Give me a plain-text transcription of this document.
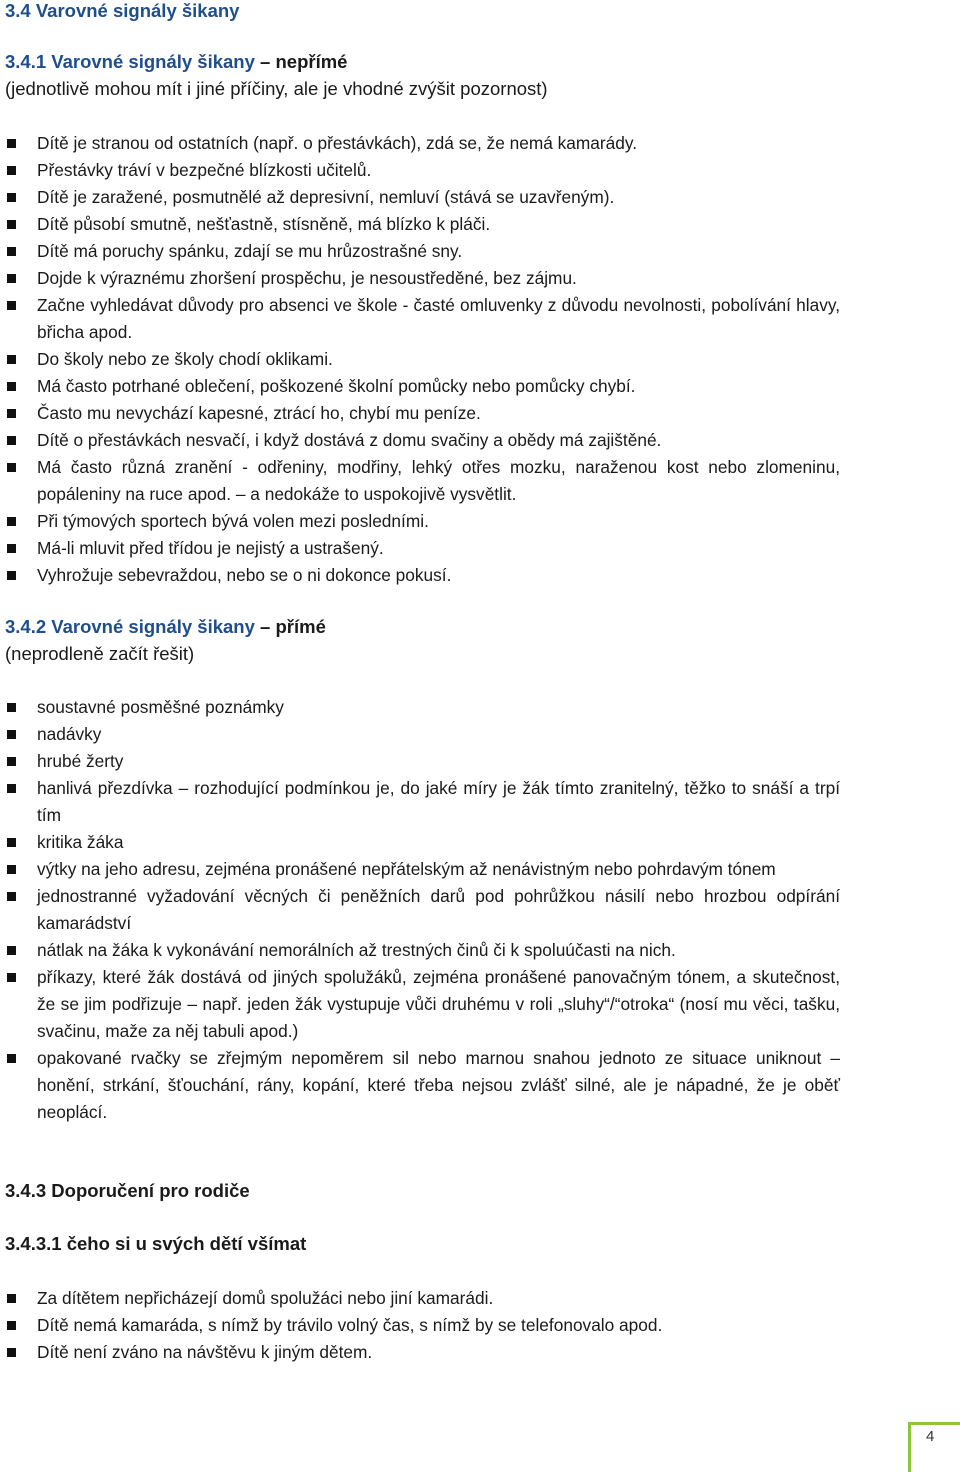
3.4 Varovné signály šikany
3.4.1 Varovné signály šikany – nepřímé
(jednotlivě mohou mít i jiné příčiny, ale je vhodné zvýšit pozornost)
Dítě je stranou od ostatních (např. o přestávkách), zdá se, že nemá kamarády.
Přestávky tráví v bezpečné blízkosti učitelů.
Dítě je zaražené, posmutnělé až depresivní, nemluví (stává se uzavřeným).
Dítě působí smutně, nešťastně, stísněně, má blízko k pláči.
Dítě má poruchy spánku, zdají se mu hrůzostrašné sny.
Dojde k výraznému zhoršení prospěchu, je nesoustředěné, bez zájmu.
Začne vyhledávat důvody pro absenci ve škole - časté omluvenky z důvodu nevolnosti, pobolívání hlavy, břicha apod.
Do školy nebo ze školy chodí oklikami.
Má často potrhané oblečení, poškozené školní pomůcky nebo pomůcky chybí.
Často mu nevychází kapesné, ztrácí ho, chybí mu peníze.
Dítě o přestávkách nesvačí, i když dostává z domu svačiny a obědy má zajištěné.
Má často různá zranění - odřeniny, modřiny, lehký otřes mozku, naraženou kost nebo zlomeninu, popáleniny na ruce apod. – a nedokáže to uspokojivě vysvětlit.
Při týmových sportech bývá volen mezi posledními.
Má-li mluvit před třídou je nejistý a ustrašený.
Vyhrožuje sebevraždou, nebo se o ni dokonce pokusí.
3.4.2 Varovné signály šikany – přímé
(neprodleně začít řešit)
soustavné posměšné poznámky
nadávky
hrubé žerty
hanlivá přezdívka – rozhodující podmínkou je, do jaké míry je žák tímto zranitelný, těžko to snáší a trpí tím
kritika žáka
výtky na jeho adresu, zejména pronášené nepřátelským až nenávistným nebo pohrdavým tónem
jednostranné vyžadování věcných či peněžních darů pod pohrůžkou násilí nebo hrozbou odpírání kamarádství
nátlak na žáka k vykonávání nemorálních až trestných činů či k spoluúčasti na nich.
příkazy, které žák dostává od jiných spolužáků, zejména pronášené panovačným tónem, a skutečnost, že se jim podřizuje – např. jeden žák vystupuje vůči druhému v roli „sluhy“/“otroka“ (nosí mu věci, tašku, svačinu, maže za něj tabuli apod.)
opakované rvačky se zřejmým nepoměrem sil nebo marnou snahou jednoto ze situace uniknout – honění, strkání, šťouchání, rány, kopání, které třeba nejsou zvlášť silné, ale je nápadné, že je oběť neoplácí.
3.4.3 Doporučení pro rodiče
3.4.3.1 čeho si u svých dětí všímat
Za dítětem nepřicházejí domů spolužáci nebo jiní kamarádi.
Dítě nemá kamaráda, s nímž by trávilo volný čas, s nímž by se telefonovalo apod.
Dítě není zváno na návštěvu k jiným dětem.
4
